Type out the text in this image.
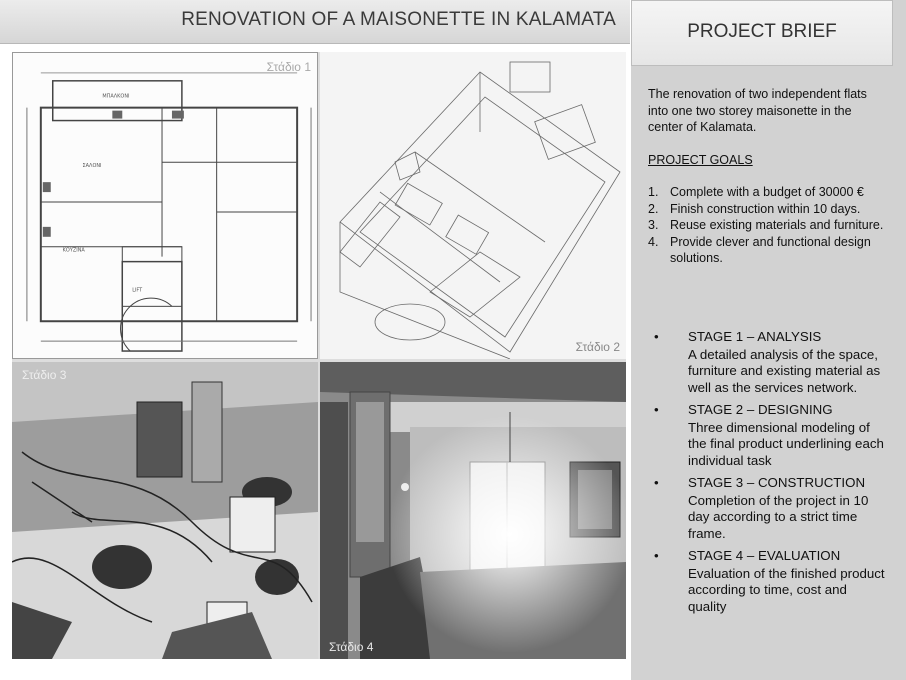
RENOVATION OF A MAISONETTE IN KALAMATA
PROJECT BRIEF

The renovation of two independent flats into one two storey maisonette in the center of Kalamata.

PROJECT GOALS

1. Complete with a budget of 30000 €
2. Finish construction within 10 days.
3. Reuse existing materials and furniture.
4. Provide clever and functional design solutions.
• STAGE 1 – ANALYSIS
A detailed analysis of the space, furniture and existing material as well as the services network.
• STAGE 2 – DESIGNING
Three dimensional modeling of the final product underlining each individual task
• STAGE 3 – CONSTRUCTION
Completion of the project in 10 day according to a strict time frame.
• STAGE 4 – EVALUATION
Evaluation of the finished product according to time, cost and quality
ΜΠΑΛΚΟΝΙ
ΣΑΛΟΝΙ
ΚΟΥΖΙΝΑ
LIFT
Στάδιο 1
Στάδιο 2
Στάδιο 3
Στάδιο 4
